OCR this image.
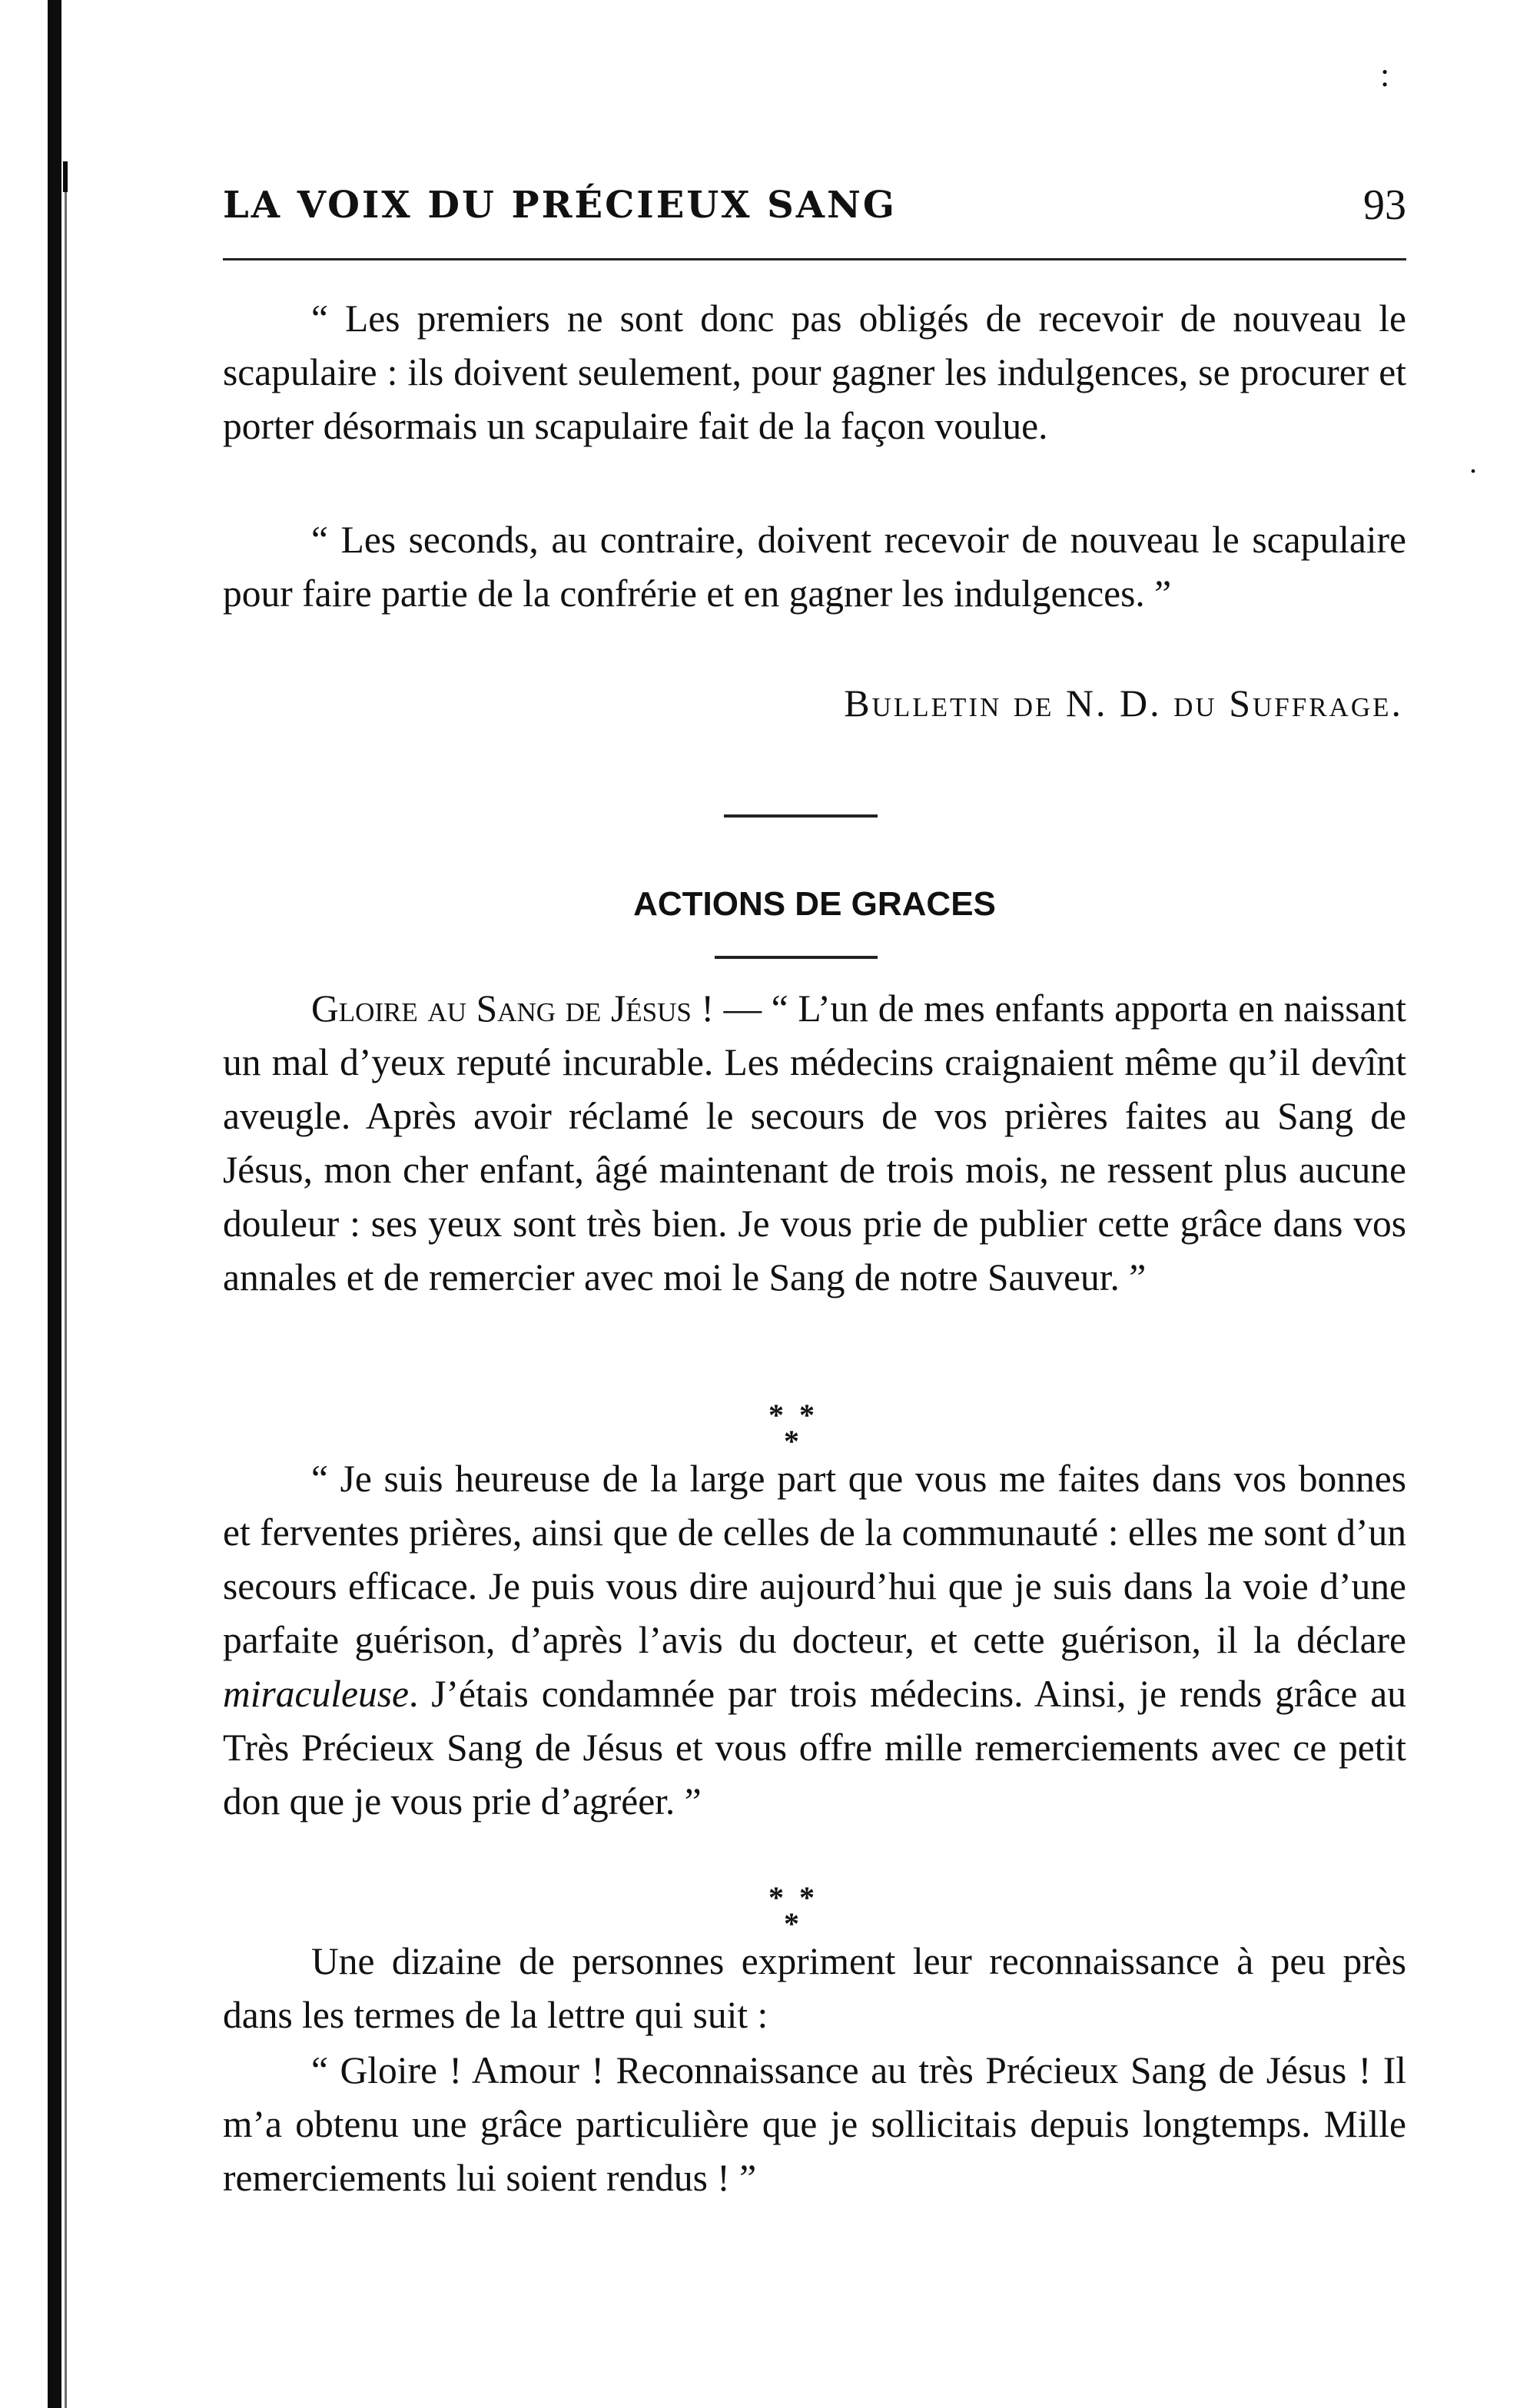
:
.
LA VOIX DU PRÉCIEUX SANG	93

“ Les premiers ne sont donc pas obligés de recevoir de nouveau le scapulaire : ils doivent seulement, pour gagner les indulgences, se procurer et porter désormais un scapulaire fait de la façon voulue.

“ Les seconds, au contraire, doivent recevoir de nouveau le scapulaire pour faire partie de la confrérie et en gagner les indulgences. ”

Bulletin de N. D. du Suffrage.
ACTIONS DE GRACES

Gloire au Sang de Jésus ! — “ L’un de mes enfants apporta en naissant un mal d’yeux reputé incurable. Les médecins craignaient même qu’il devînt aveugle. Après avoir réclamé le secours de vos prières faites au Sang de Jésus, mon cher enfant, âgé maintenant de trois mois, ne ressent plus aucune douleur : ses yeux sont très bien. Je vous prie de publier cette grâce dans vos annales et de remercier avec moi le Sang de notre Sauveur. ”

* *
*

“ Je suis heureuse de la large part que vous me faites dans vos bonnes et ferventes prières, ainsi que de celles de la communauté : elles me sont d’un secours efficace. Je puis vous dire aujourd’hui que je suis dans la voie d’une parfaite guérison, d’après l’avis du docteur, et cette guérison, il la déclare miraculeuse. J’étais condamnée par trois médecins. Ainsi, je rends grâce au Très Précieux Sang de Jésus et vous offre mille remerciements avec ce petit don que je vous prie d’agréer. ”

* *
*

Une dizaine de personnes expriment leur reconnaissance à peu près dans les termes de la lettre qui suit :

“ Gloire ! Amour ! Reconnaissance au très Précieux Sang de Jésus ! Il m’a obtenu une grâce particulière que je sollicitais depuis longtemps. Mille remerciements lui soient rendus ! ”
